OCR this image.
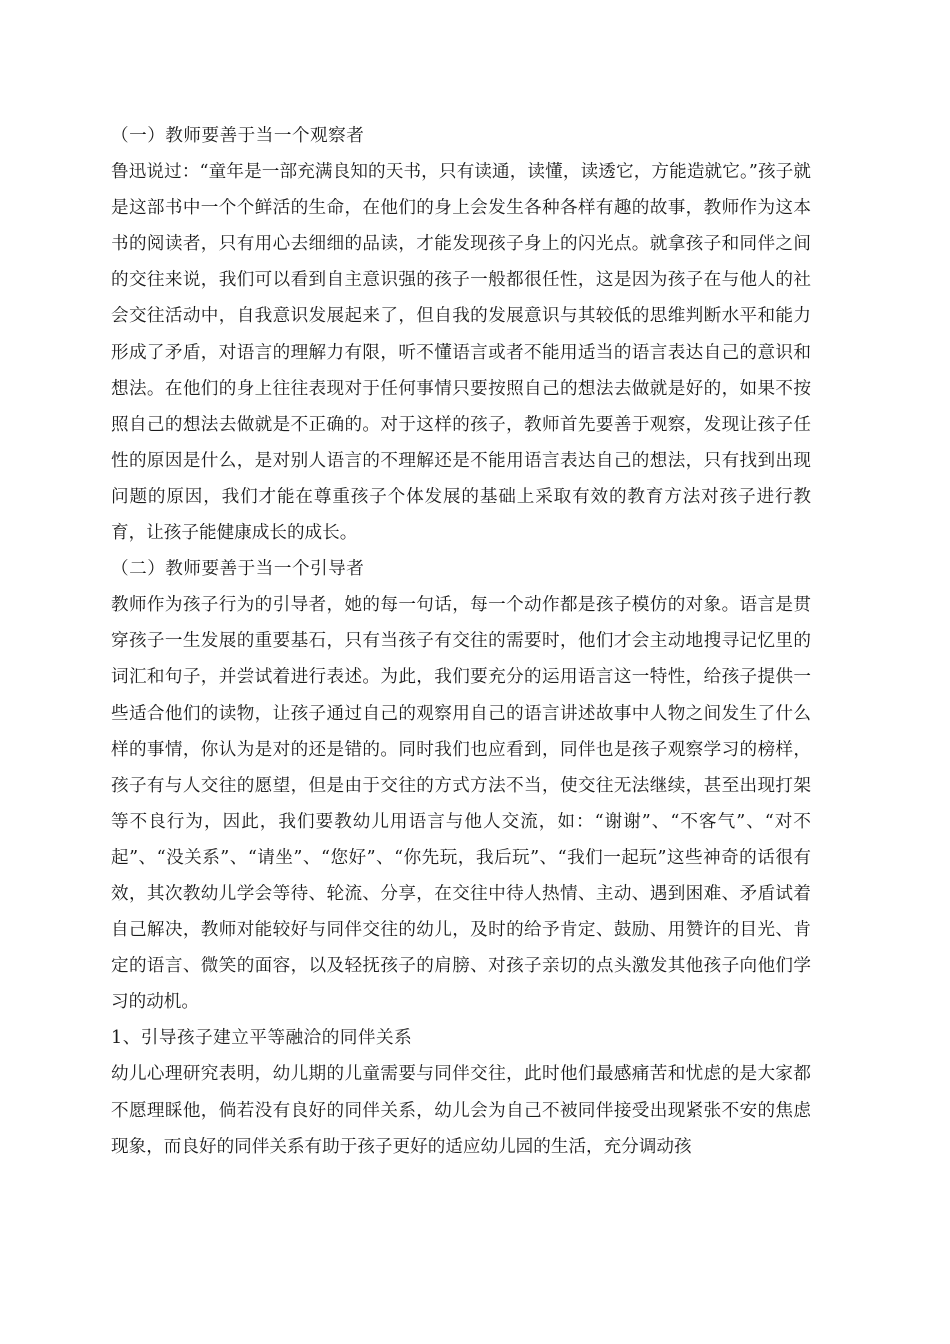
（一）教师要善于当一个观察者

鲁迅说过：“童年是一部充满良知的天书，只有读通，读懂，读透它，方能造就它。”孩子就是这部书中一个个鲜活的生命，在他们的身上会发生各种各样有趣的故事，教师作为这本书的阅读者，只有用心去细细的品读，才能发现孩子身上的闪光点。就拿孩子和同伴之间的交往来说，我们可以看到自主意识强的孩子一般都很任性，这是因为孩子在与他人的社会交往活动中，自我意识发展起来了，但自我的发展意识与其较低的思维判断水平和能力形成了矛盾，对语言的理解力有限，听不懂语言或者不能用适当的语言表达自己的意识和想法。在他们的身上往往表现对于任何事情只要按照自己的想法去做就是好的，如果不按照自己的想法去做就是不正确的。对于这样的孩子，教师首先要善于观察，发现让孩子任性的原因是什么，是对别人语言的不理解还是不能用语言表达自己的想法，只有找到出现问题的原因，我们才能在尊重孩子个体发展的基础上采取有效的教育方法对孩子进行教育，让孩子能健康成长的成长。

（二）教师要善于当一个引导者

教师作为孩子行为的引导者，她的每一句话，每一个动作都是孩子模仿的对象。语言是贯穿孩子一生发展的重要基石，只有当孩子有交往的需要时，他们才会主动地搜寻记忆里的词汇和句子，并尝试着进行表述。为此，我们要充分的运用语言这一特性，给孩子提供一些适合他们的读物，让孩子通过自己的观察用自己的语言讲述故事中人物之间发生了什么样的事情，你认为是对的还是错的。同时我们也应看到，同伴也是孩子观察学习的榜样，孩子有与人交往的愿望，但是由于交往的方式方法不当，使交往无法继续，甚至出现打架等不良行为，因此，我们要教幼儿用语言与他人交流，如：“谢谢”、“不客气”、“对不起”、“没关系”、“请坐”、“您好”、“你先玩，我后玩”、“我们一起玩”这些神奇的话很有效，其次教幼儿学会等待、轮流、分享，在交往中待人热情、主动、遇到困难、矛盾试着自己解决，教师对能较好与同伴交往的幼儿，及时的给予肯定、鼓励、用赞许的目光、肯定的语言、微笑的面容，以及轻抚孩子的肩膀、对孩子亲切的点头激发其他孩子向他们学习的动机。

1、引导孩子建立平等融洽的同伴关系

幼儿心理研究表明，幼儿期的儿童需要与同伴交往，此时他们最感痛苦和忧虑的是大家都不愿理睬他，倘若没有良好的同伴关系，幼儿会为自己不被同伴接受出现紧张不安的焦虑现象，而良好的同伴关系有助于孩子更好的适应幼儿园的生活，充分调动孩
